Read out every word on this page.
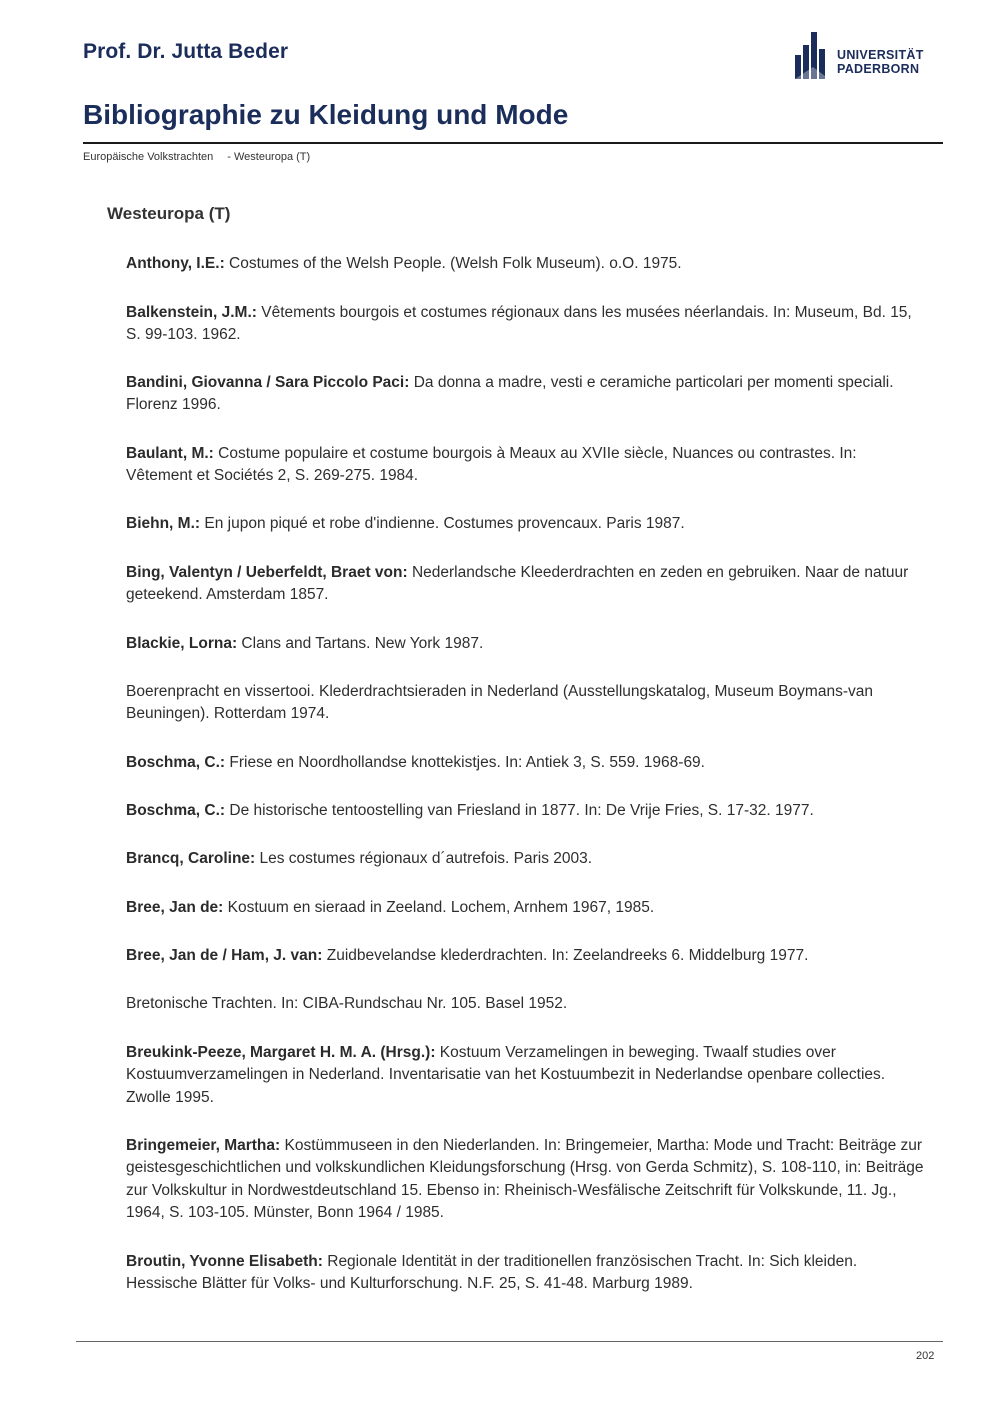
Prof. Dr. Jutta Beder	UNIVERSITÄT
PADERBORN
Bibliographie zu Kleidung und Mode
Europäische Volkstrachten - Westeuropa (T)
Westeuropa (T)
Anthony, I.E.: Costumes of the Welsh People. (Welsh Folk Museum). o.O. 1975.
Balkenstein, J.M.: Vêtements bourgois et costumes régionaux dans les musées néerlandais. In: Museum, Bd. 15, S. 99-103. 1962.
Bandini, Giovanna / Sara Piccolo Paci: Da donna a madre, vesti e ceramiche particolari per momenti speciali. Florenz 1996.
Baulant, M.: Costume populaire et costume bourgois à Meaux au XVIIe siècle, Nuances ou contrastes. In: Vêtement et Sociétés 2, S. 269-275. 1984.
Biehn, M.: En jupon piqué et robe d'indienne. Costumes provencaux. Paris 1987.
Bing, Valentyn / Ueberfeldt, Braet von: Nederlandsche Kleederdrachten en zeden en gebruiken. Naar de natuur geteekend. Amsterdam 1857.
Blackie, Lorna: Clans and Tartans. New York 1987.
Boerenpracht en vissertooi. Klederdrachtsieraden in Nederland (Ausstellungskatalog, Museum Boymans-van Beuningen). Rotterdam 1974.
Boschma, C.: Friese en Noordhollandse knottekistjes. In: Antiek 3, S. 559. 1968-69.
Boschma, C.: De historische tentoostelling van Friesland in 1877. In: De Vrije Fries, S. 17-32. 1977.
Brancq, Caroline: Les costumes régionaux d´autrefois. Paris 2003.
Bree, Jan de: Kostuum en sieraad in Zeeland. Lochem, Arnhem 1967, 1985.
Bree, Jan de / Ham, J. van: Zuidbevelandse klederdrachten. In: Zeelandreeks 6. Middelburg 1977.
Bretonische Trachten. In: CIBA-Rundschau Nr. 105. Basel 1952.
Breukink-Peeze, Margaret H. M. A. (Hrsg.): Kostuum Verzamelingen in beweging. Twaalf studies over Kostuumverzamelingen in Nederland. Inventarisatie van het Kostuumbezit in Nederlandse openbare collecties. Zwolle 1995.
Bringemeier, Martha: Kostümmuseen in den Niederlanden. In: Bringemeier, Martha: Mode und Tracht: Beiträge zur geistesgeschichtlichen und volkskundlichen Kleidungsforschung (Hrsg. von Gerda Schmitz), S. 108-110, in: Beiträge zur Volkskultur in Nordwestdeutschland 15. Ebenso in: Rheinisch-Wesfälische Zeitschrift für Volkskunde, 11. Jg., 1964, S. 103-105. Münster, Bonn 1964 / 1985.
Broutin, Yvonne Elisabeth: Regionale Identität in der traditionellen französischen Tracht. In: Sich kleiden. Hessische Blätter für Volks- und Kulturforschung. N.F. 25, S. 41-48. Marburg 1989.
202
